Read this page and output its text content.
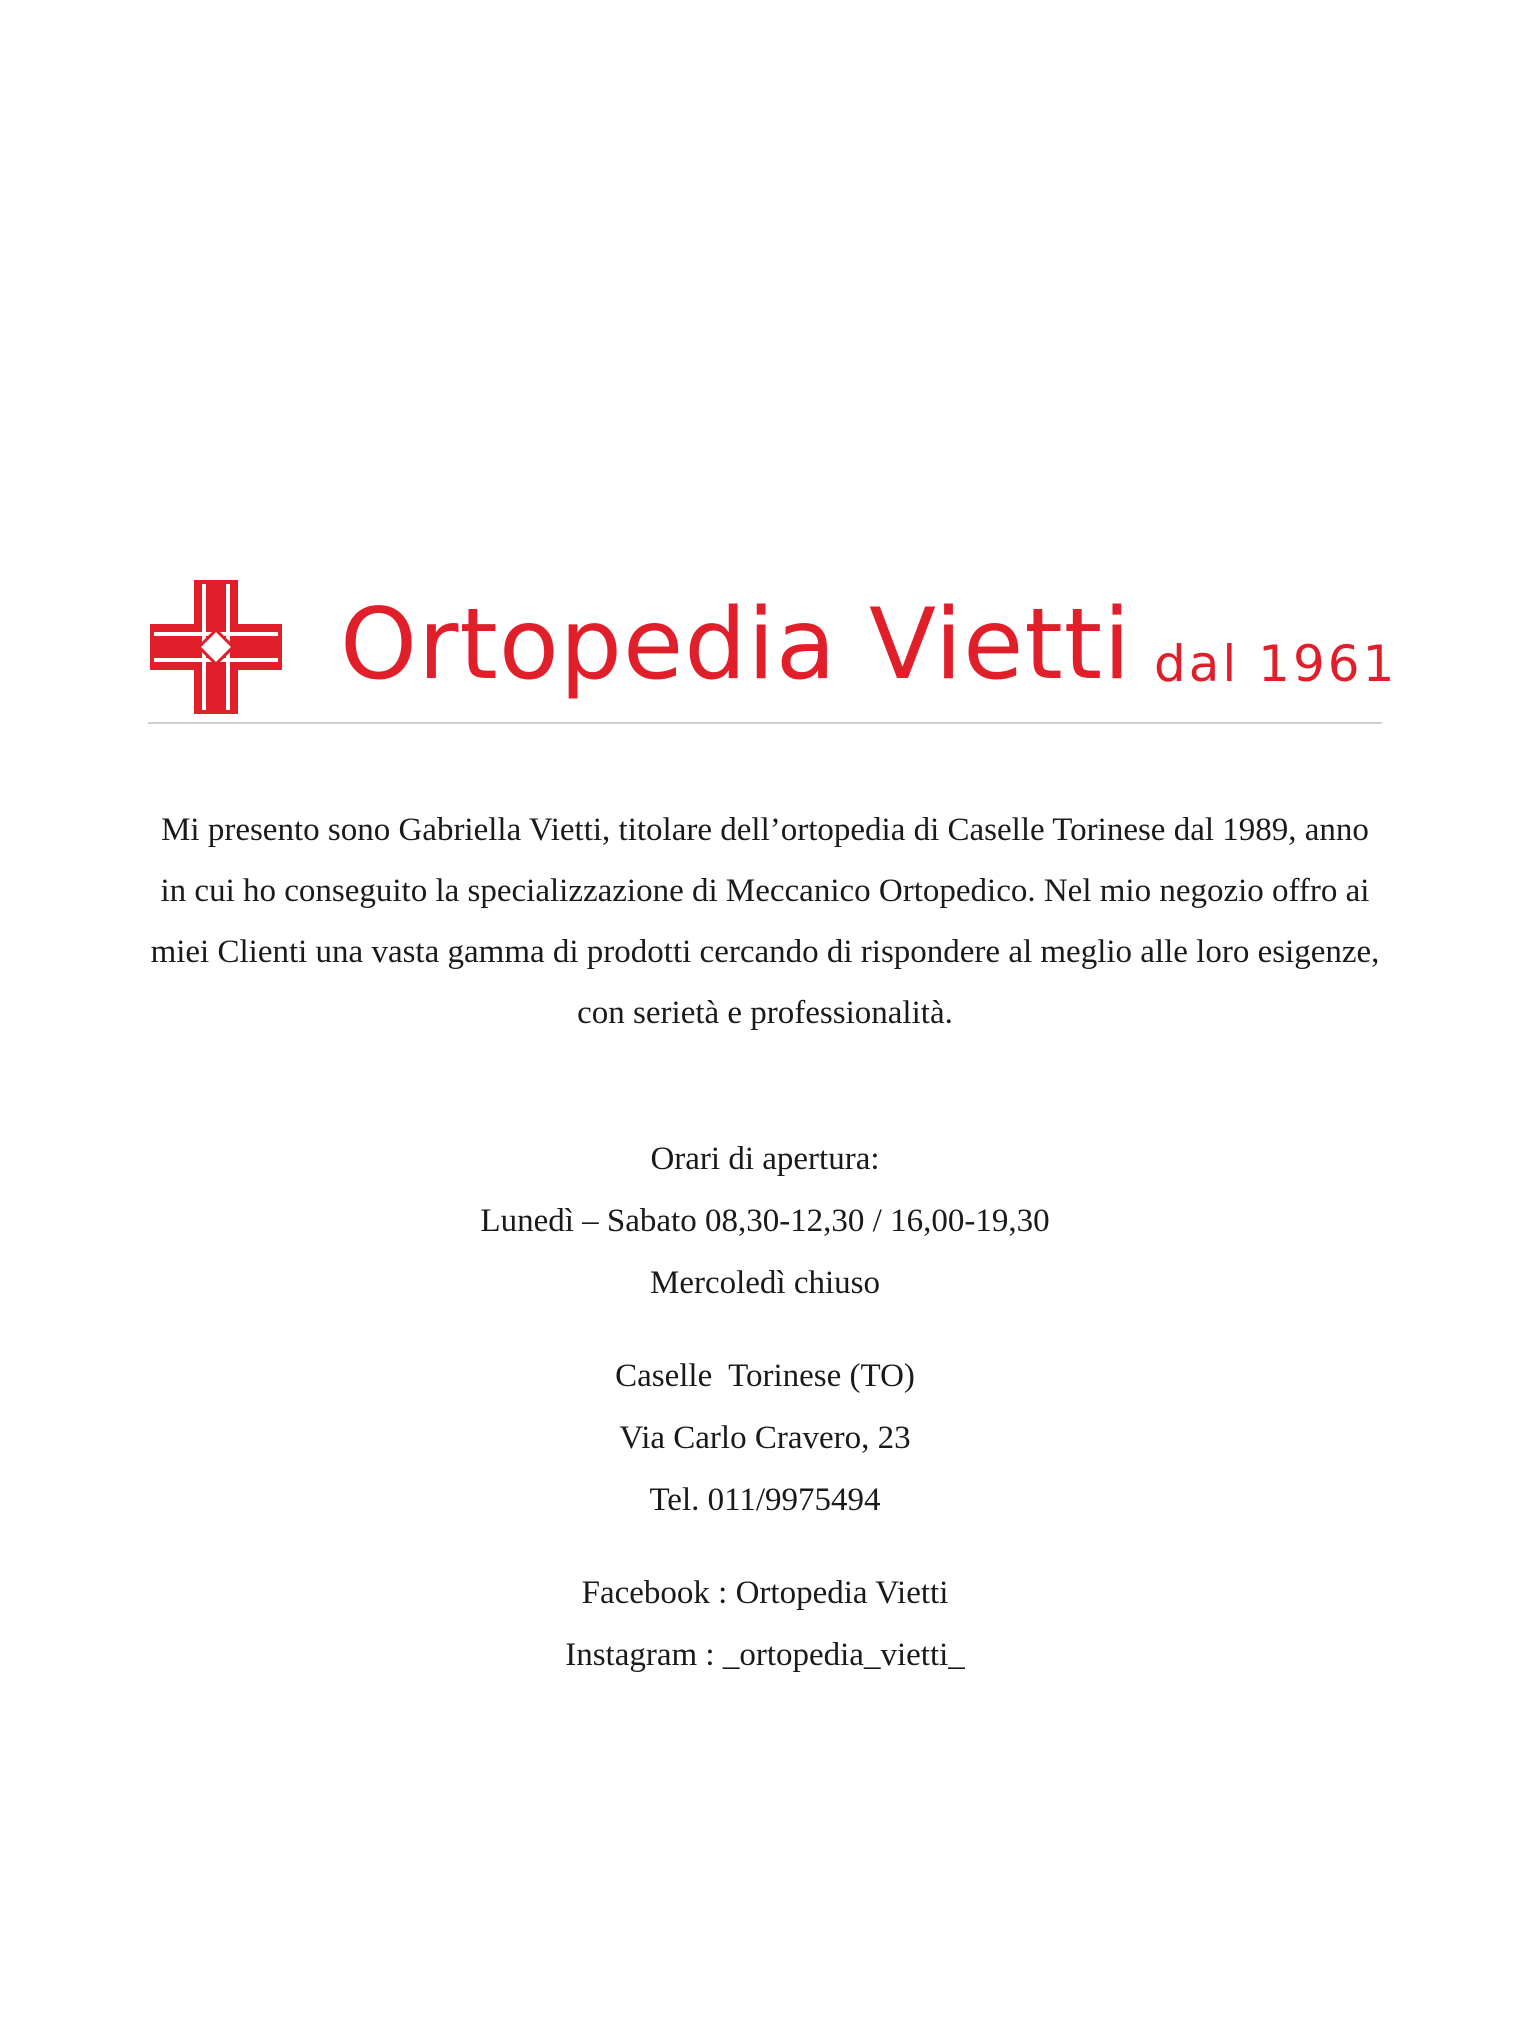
Ortopedia Vietti dal 1961

Mi presento sono Gabriella Vietti, titolare dell’ortopedia di Caselle Torinese dal 1989, anno in cui ho conseguito la specializzazione di Meccanico Ortopedico. Nel mio negozio offro ai miei Clienti una vasta gamma di prodotti cercando di rispondere al meglio alle loro esigenze, con serietà e professionalità.

Orari di apertura:
Lunedì – Sabato 08,30-12,30 / 16,00-19,30
Mercoledì chiuso
Caselle  Torinese (TO)
Via Carlo Cravero, 23
Tel. 011/9975494
Facebook : Ortopedia Vietti
Instagram : _ortopedia_vietti_
